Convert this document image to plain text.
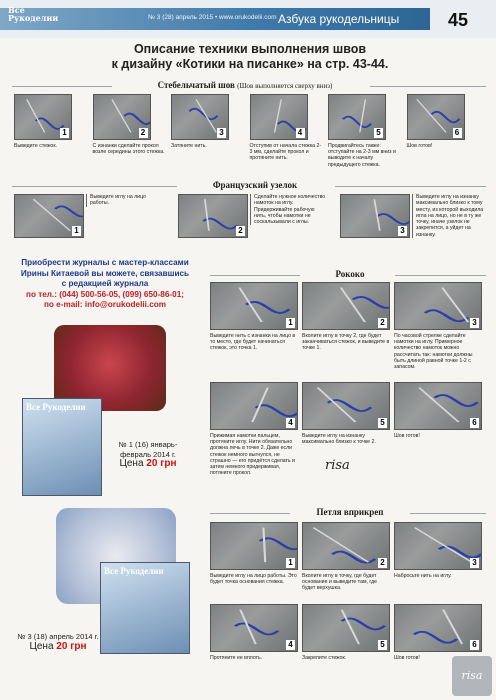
Все
Рукоделии	№ 3 (28) апрель 2015 • www.orukodelii.com Азбука рукодельницы	45
Описание техники выполнения швов
к дизайну «Котики на писанке» на стр. 43-44.
Стебельчатый шов (Шов выполняется сверху вниз)
1
Выведите стежок.
2
С изнанки сделайте прокол возле середины этого стежка.
3
Затяните нить.
4
Отступив от начала стежка 2-3 мм, сделайте прокол и протяните нить.
5
Продвигайтесь также: отступайте на 2-3 мм вниз и выводите к началу предыдущего стежка.
6
Шов готов!
Французский узелок
1
Выведите иглу на лицо работы.
2
Сделайте нужное количество намоток на иглу. Придерживайте рабочую нить, чтобы намотки не соскальзывали с иглы.
3
Выведите иглу на изнанку максимально близко к тому месту, из которой выходила игла на лицо, но не в ту же точку, иначе узелок не закрепится, а уйдет на изнанку.
Приобрести журналы с мастер-классами
Ирины Китаевой вы можете, связавшись
с редакцией журнала
по тел.: (044) 500-56-05, (099) 650-86-01;
по e-mail: info@orukodelii.com
Все Рукоделии
№ 1 (16) январь-февраль 2014 г.
Цена 20 грн
Все Рукоделии
№ 3 (18) апрель 2014 г.
Цена 20 грн
Рококо
1
Выведите нить с изнанки на лицо в то место, где будет начинаться стежок, это точка 1.
2
Вколите иглу в точку 2, где будет заканчиваться стежок, и выведите в точке 1.
3
По часовой стрелке сделайте намотки на иглу. Примерное количество намоток можно рассчитать так: намотки должны быть длиной равной точке 1-2 с запасом.
4
Прижимая намотки пальцем, протяните иглу. Нити обязательно должна лечь в точке 2. Даже если стежок немного выгнулся, не страшно — его придётся сделать и затем немного придерживая, потяните прокол.
5
Выведите иглу на изнанку максимально близко к точке 2.
6
Шов готов!
risa
Петля вприкреп
1
Выведите иглу на лицо работы. Это будет точка основания стежка.
2
Вколите иглу в точку, где будет основание и выведите там, где будет верхушка.
3
Набросьте нить на иглу.
4
Протяните ее вплоть.
5
Закрепите стежок.
6
Шов готов!
risa
